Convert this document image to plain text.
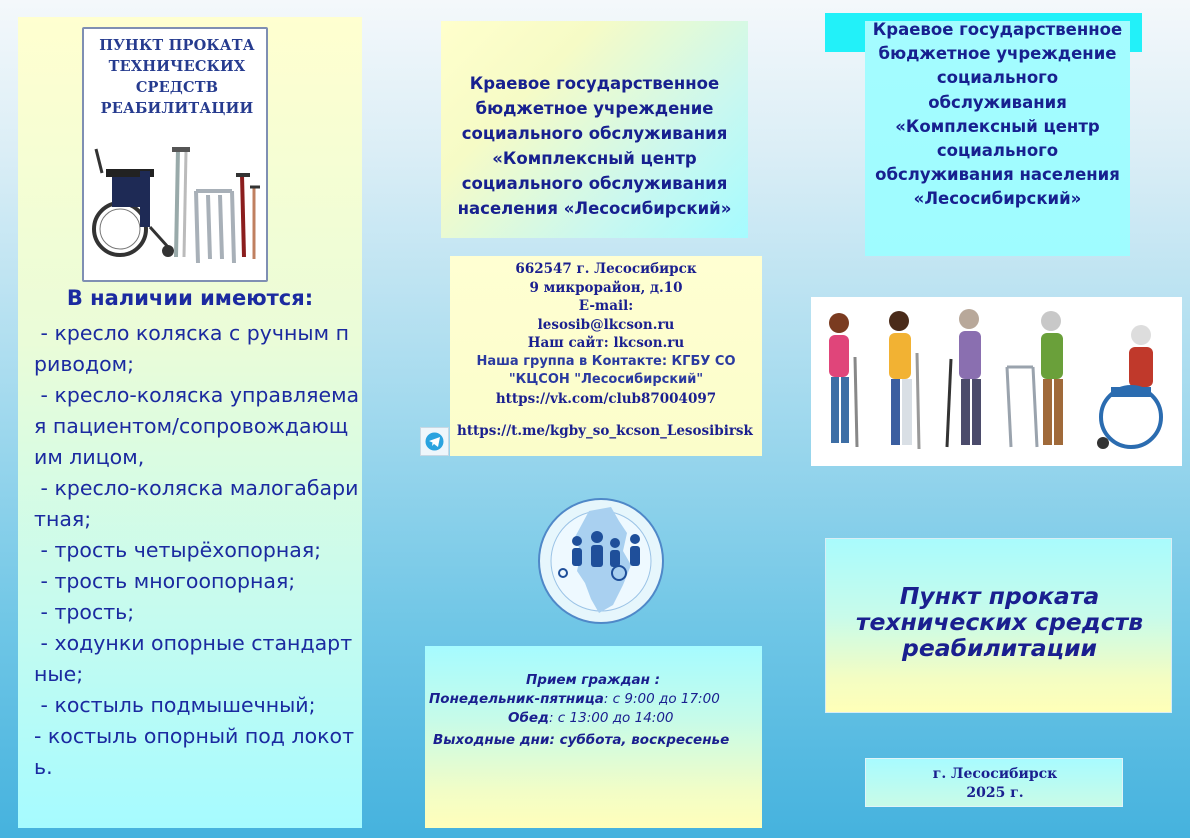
ПУНКТ ПРОКАТА
ТЕХНИЧЕСКИХ
СРЕДСТВ
РЕАБИЛИТАЦИИ
В наличии имеются:
- кресло коляска с ручным приводом;
- кресло-коляска управляемая пациентом/сопровождающим лицом,
- кресло-коляска малогабаритная;
- трость четырёхопорная;
- трость многоопорная;
- трость;
- ходунки опорные стандартные;
- костыль подмышечный;
- костыль опорный под локоть.
Краевое государственное
бюджетное учреждение
социального обслуживания
«Комплексный центр
социального обслуживания
населения «Лесосибирский»
662547 г. Лесосибирск
9 микрорайон, д.10
E-mail:
lesosib@lkcson.ru
Наш сайт: lkcson.ru
Наша группа в Контакте: КГБУ СО
"КЦСОН "Лесосибирский"
https://vk.com/club87004097
https://t.me/kgby_so_kcson_Lesosibirsk
Прием граждан :
Понедельник-пятница: с 9:00 до 17:00
Обед: с 13:00 до 14:00
Выходные дни: суббота, воскресенье
Краевое государственное
бюджетное учреждение
социального
обслуживания
«Комплексный центр
социального
обслуживания населения
«Лесосибирский»
Пункт проката
технических средств
реабилитации
г. Лесосибирск
2025 г.
